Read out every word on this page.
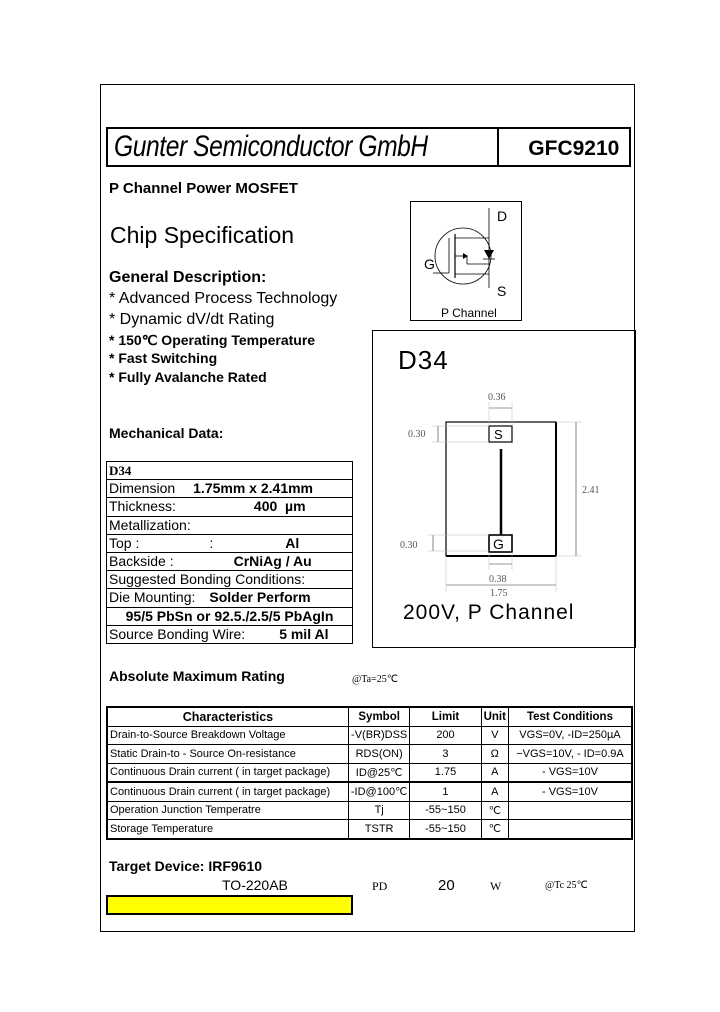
Gunter Semiconductor GmbH	GFC9210
P Channel Power MOSFET
Chip Specification
General Description:
* Advanced Process Technology
* Dynamic dV/dt Rating
* 150℃ Operating Temperature
* Fast Switching
* Fully Avalanche Rated
D
G
S
P Channel
Mechanical Data:
D34
Dimension 1.75mm x 2.41mm
Thickness:	400  µm
Metallization:
Top :	:	Al
Backside :	CrNiAg / Au
Suggested Bonding Conditions:
Die Mounting: Solder Perform
95/5 PbSn or 92.5./2.5/5 PbAgIn
Source Bonding Wire: 5 mil Al
D34
S
G
0.36
0.30
0.30
2.41
0.38
1.75
200V, P Channel
Absolute Maximum Rating	@Ta=25℃
Characteristics	Symbol	Limit	Unit	Test Conditions
Drain-to-Source Breakdown Voltage	-V(BR)DSS	200	V	VGS=0V, -ID=250µA
Static Drain-to - Source On-resistance	RDS(ON)	3	Ω	−VGS=10V, - ID=0.9A
Continuous Drain current ( in target package)	ID@25℃	1.75	A	- VGS=10V
Continuous Drain current ( in target package)	-ID@100℃	1	A	- VGS=10V
Operation Junction Temperatre	Tj	-55~150	℃	
Storage Temperature	TSTR	-55~150	℃	
Target Device: IRF9610
TO-220AB	PD	20	W	@Tc 25℃
